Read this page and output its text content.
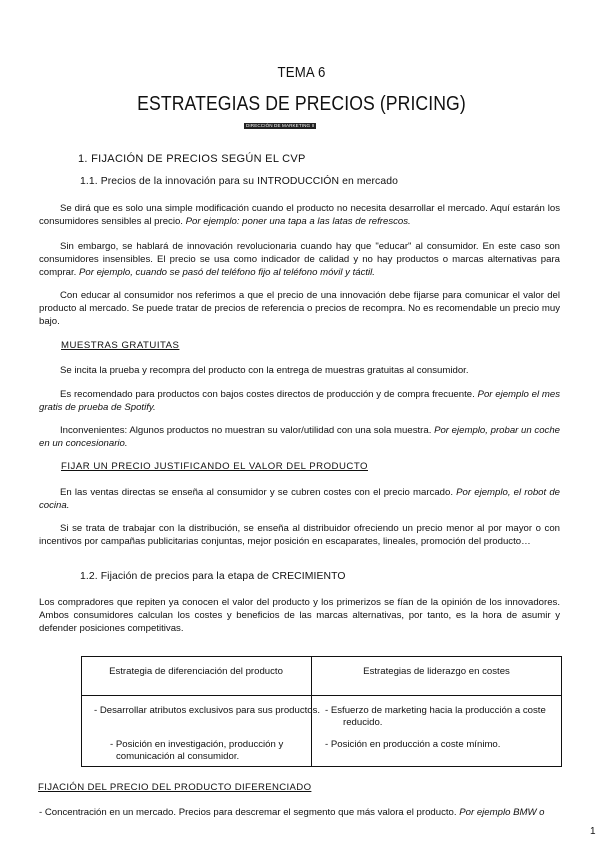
TEMA 6
ESTRATEGIAS DE PRECIOS (PRICING)
DIRECCIÓN DE MARKETING II
1. FIJACIÓN DE PRECIOS SEGÚN EL CVP
1.1. Precios de la innovación para su INTRODUCCIÓN en mercado
Se dirá que es solo una simple modificación cuando el producto no necesita desarrollar el mercado. Aquí estarán los consumidores sensibles al precio. Por ejemplo: poner una tapa a las latas de refrescos.
Sin embargo, se hablará de innovación revolucionaria cuando hay que "educar" al consumidor. En este caso son consumidores insensibles. El precio se usa como indicador de calidad y no hay productos o marcas alternativas para comprar. Por ejemplo, cuando se pasó del teléfono fijo al teléfono móvil y táctil.
Con educar al consumidor nos referimos a que el precio de una innovación debe fijarse para comunicar el valor del producto al mercado. Se puede tratar de precios de referencia o precios de recompra. No es recomendable un precio muy bajo.
MUESTRAS GRATUITAS
Se incita la prueba y recompra del producto con la entrega de muestras gratuitas al consumidor.
Es recomendado para productos con bajos costes directos de producción y de compra frecuente. Por ejemplo el mes gratis de prueba de Spotify.
Inconvenientes: Algunos productos no muestran su valor/utilidad con una sola muestra. Por ejemplo, probar un coche en un concesionario.
FIJAR UN PRECIO JUSTIFICANDO EL VALOR DEL PRODUCTO
En las ventas directas se enseña al consumidor y se cubren costes con el precio marcado. Por ejemplo, el robot de cocina.
Si se trata de trabajar con la distribución, se enseña al distribuidor ofreciendo un precio menor al por mayor o con incentivos por campañas publicitarias conjuntas, mejor posición en escaparates, lineales, promoción del producto…
1.2. Fijación de precios para la etapa de CRECIMIENTO
Los compradores que repiten ya conocen el valor del producto y los primerizos se fían de la opinión de los innovadores. Ambos consumidores calculan los costes y beneficios de las marcas alternativas, por tanto, es la hora de asumir y defender posiciones competitivas.
Estrategia de diferenciación del producto	Estrategias de liderazgo en costes
- Desarrollar atributos exclusivos para sus productos.
- Posición en investigación, producción y comunicación al consumidor.
- Esfuerzo de marketing hacia la producción a coste reducido.
- Posición en producción a coste mínimo.
FIJACIÓN DEL PRECIO DEL PRODUCTO DIFERENCIADO
- Concentración en un mercado. Precios para descremar el segmento que más valora el producto. Por ejemplo BMW o
1
